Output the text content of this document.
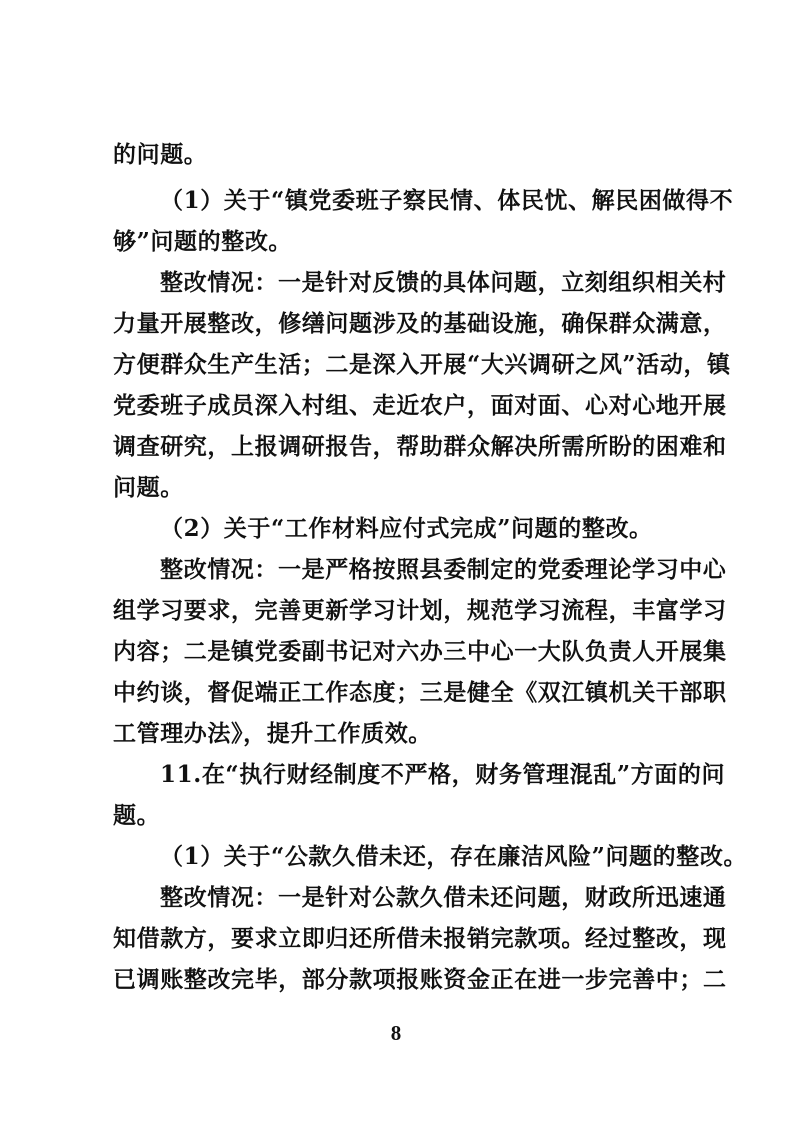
的问题。
（1）关于“镇党委班子察民情、体民忧、解民困做得不
够”问题的整改。
整改情况：一是针对反馈的具体问题，立刻组织相关村
力量开展整改，修缮问题涉及的基础设施，确保群众满意，
方便群众生产生活；二是深入开展“大兴调研之风”活动，镇
党委班子成员深入村组、走近农户，面对面、心对心地开展
调查研究，上报调研报告，帮助群众解决所需所盼的困难和
问题。
（2）关于“工作材料应付式完成”问题的整改。
整改情况：一是严格按照县委制定的党委理论学习中心
组学习要求，完善更新学习计划，规范学习流程，丰富学习
内容；二是镇党委副书记对六办三中心一大队负责人开展集
中约谈，督促端正工作态度；三是健全《双江镇机关干部职
工管理办法》，提升工作质效。
11.在“执行财经制度不严格，财务管理混乱”方面的问
题。
（1）关于“公款久借未还，存在廉洁风险”问题的整改。
整改情况：一是针对公款久借未还问题，财政所迅速通
知借款方，要求立即归还所借未报销完款项。经过整改，现
已调账整改完毕，部分款项报账资金正在进一步完善中；二
8
